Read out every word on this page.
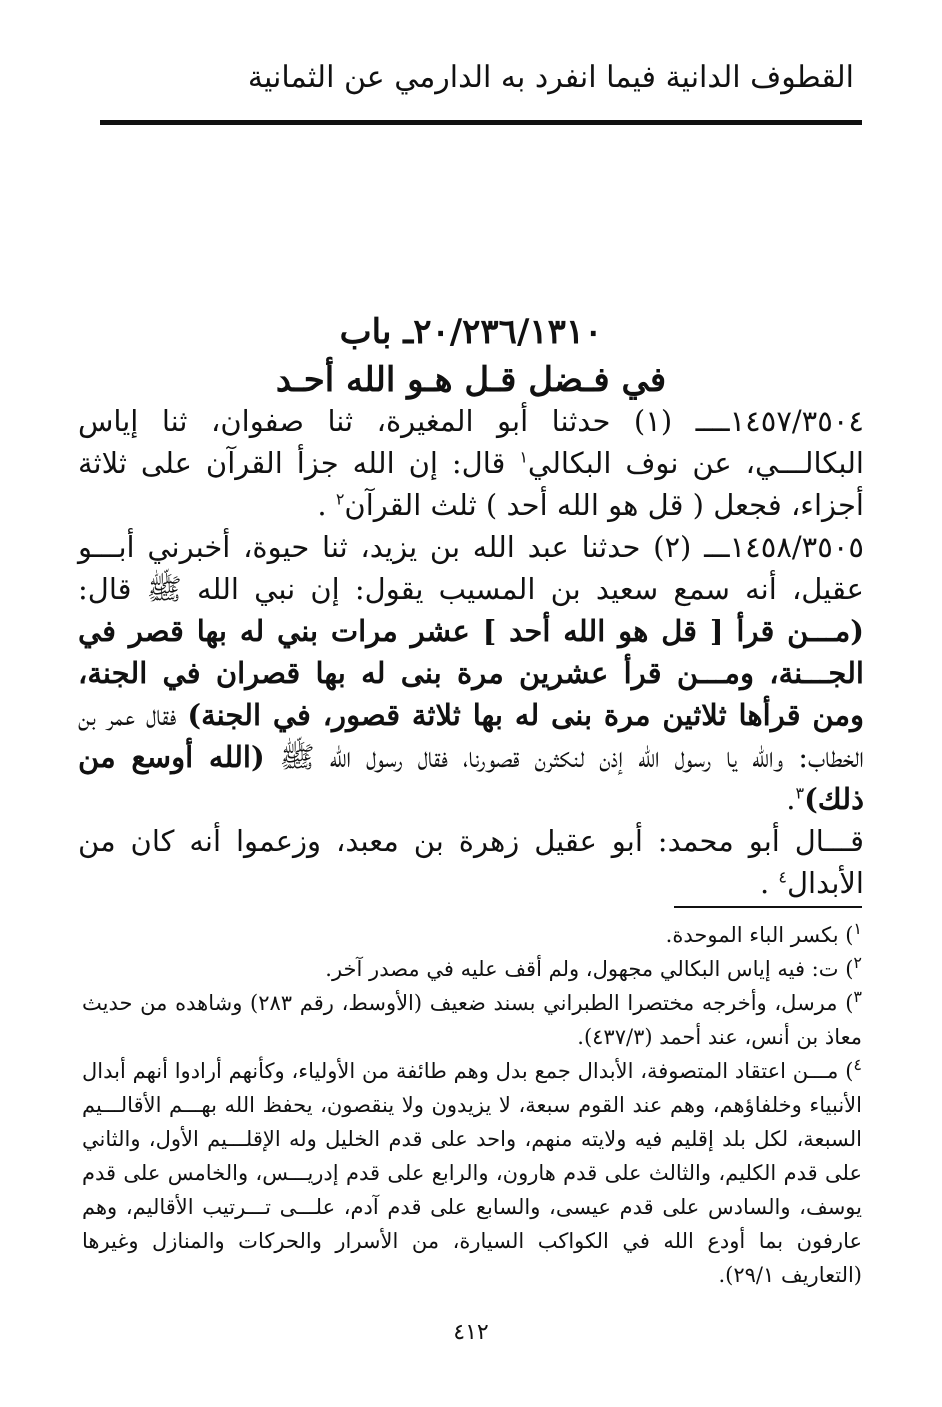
القطوف الدانية فيما انفرد به الدارمي عن الثمانية
٢٠/٢٣٦/١٣١٠ـ باب
في فـضل قـل هـو الله أحـد

١٤٥٧/٣٥٠٤ــــ (١) حدثنا أبو المغيرة، ثنا صفوان، ثنا إياس البكالـــي، عن نوف البكالي$^١$ قال: إن الله جزأ القرآن على ثلاثة أجزاء، فجعل ( قل هو الله أحد ) ثلث القرآن$^٢$ .

١٤٥٨/٣٥٠٥ـــ (٢) حدثنا عبد الله بن يزيد، ثنا حيوة، أخبرني أبـــو عقيل، أنه سمع سعيد بن المسيب يقول: إن نبي الله ﷺ قال: (مـــن قرأ [ قل هو الله أحد ] عشر مرات بني له بها قصر في الجـــنة، ومـــن قرأ عشرين مرة بنى له بها قصران في الجنة، ومن قرأها ثلاثين مرة بنى له بها ثلاثة قصور، في الجنة) فقال عمر بن الخطاب: والله يا رسول الله إذن لنكثرن قصورنا، فقال رسول الله ﷺ (الله أوسع من ذلك)$^٣$.

قـــال أبو محمد: أبو عقيل زهرة بن معبد، وزعموا أنه كان من الأبدال$^٤$ .

$^١$) بكسر الباء الموحدة.

$^٢$) ت: فيه إياس البكالي مجهول، ولم أقف عليه في مصدر آخر.

$^٣$) مرسل، وأخرجه مختصرا الطبراني بسند ضعيف (الأوسط، رقم ٢٨٣) وشاهده من حديث معاذ بن أنس، عند أحمد (٤٣٧/٣).

$^٤$) مـــن اعتقاد المتصوفة، الأبدال جمع بدل وهم طائفة من الأولياء، وكأنهم أرادوا أنهم أبدال الأنبياء وخلفاؤهم، وهم عند القوم سبعة، لا يزيدون ولا ينقصون، يحفظ الله بهـــم الأقالـــيم السبعة، لكل بلد إقليم فيه ولايته منهم، واحد على قدم الخليل وله الإقلـــيم الأول، والثاني على قدم الكليم، والثالث على قدم هارون، والرابع على قدم إدريـــس، والخامس على قدم يوسف، والسادس على قدم عيسى، والسابع على قدم آدم، علـــى تـــرتيب الأقاليم، وهم عارفون بما أودع الله في الكواكب السيارة، من الأسرار والحركات والمنازل وغيرها (التعاريف ٢٩/١).

٤١٢
